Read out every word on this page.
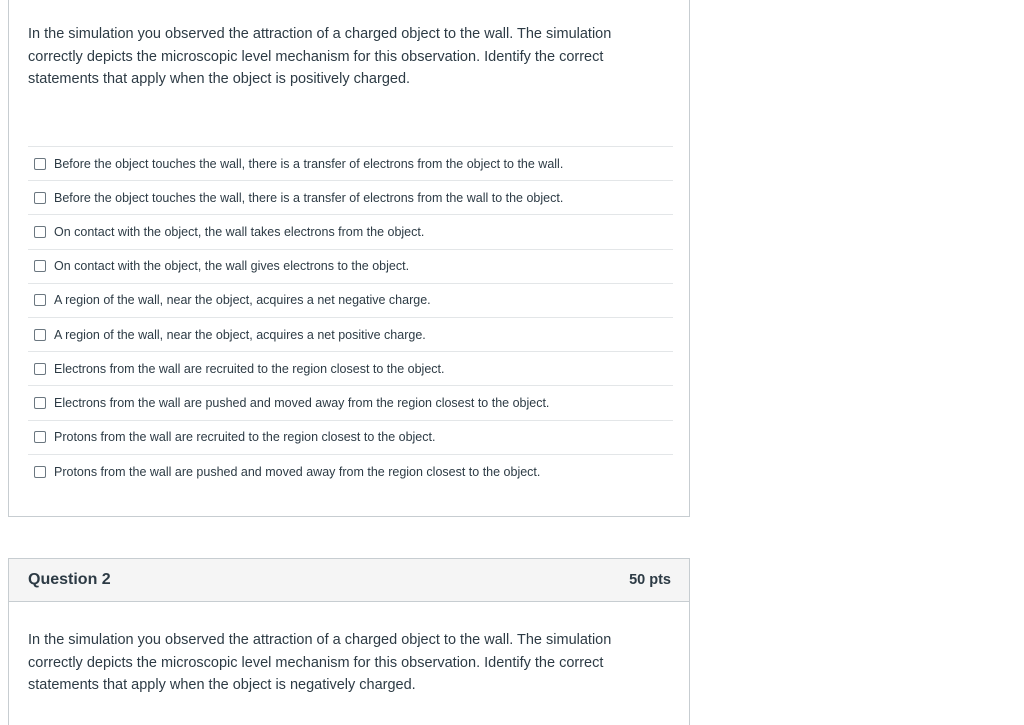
In the simulation you observed the attraction of a charged object to the wall. The simulation correctly depicts the microscopic level mechanism for this observation. Identify the correct statements that apply when the object is positively charged.
Before the object touches the wall, there is a transfer of electrons from the object to the wall.
Before the object touches the wall, there is a transfer of electrons from the wall to the object.
On contact with the object, the wall takes electrons from the object.
On contact with the object, the wall gives electrons to the object.
A region of the wall, near the object, acquires a net negative charge.
A region of the wall, near the object, acquires a net positive charge.
Electrons from the wall are recruited to the region closest to the object.
Electrons from the wall are pushed and moved away from the region closest to the object.
Protons from the wall are recruited to the region closest to the object.
Protons from the wall are pushed and moved away from the region closest to the object.
Question 2	50 pts
In the simulation you observed the attraction of a charged object to the wall. The simulation correctly depicts the microscopic level mechanism for this observation. Identify the correct statements that apply when the object is negatively charged.
